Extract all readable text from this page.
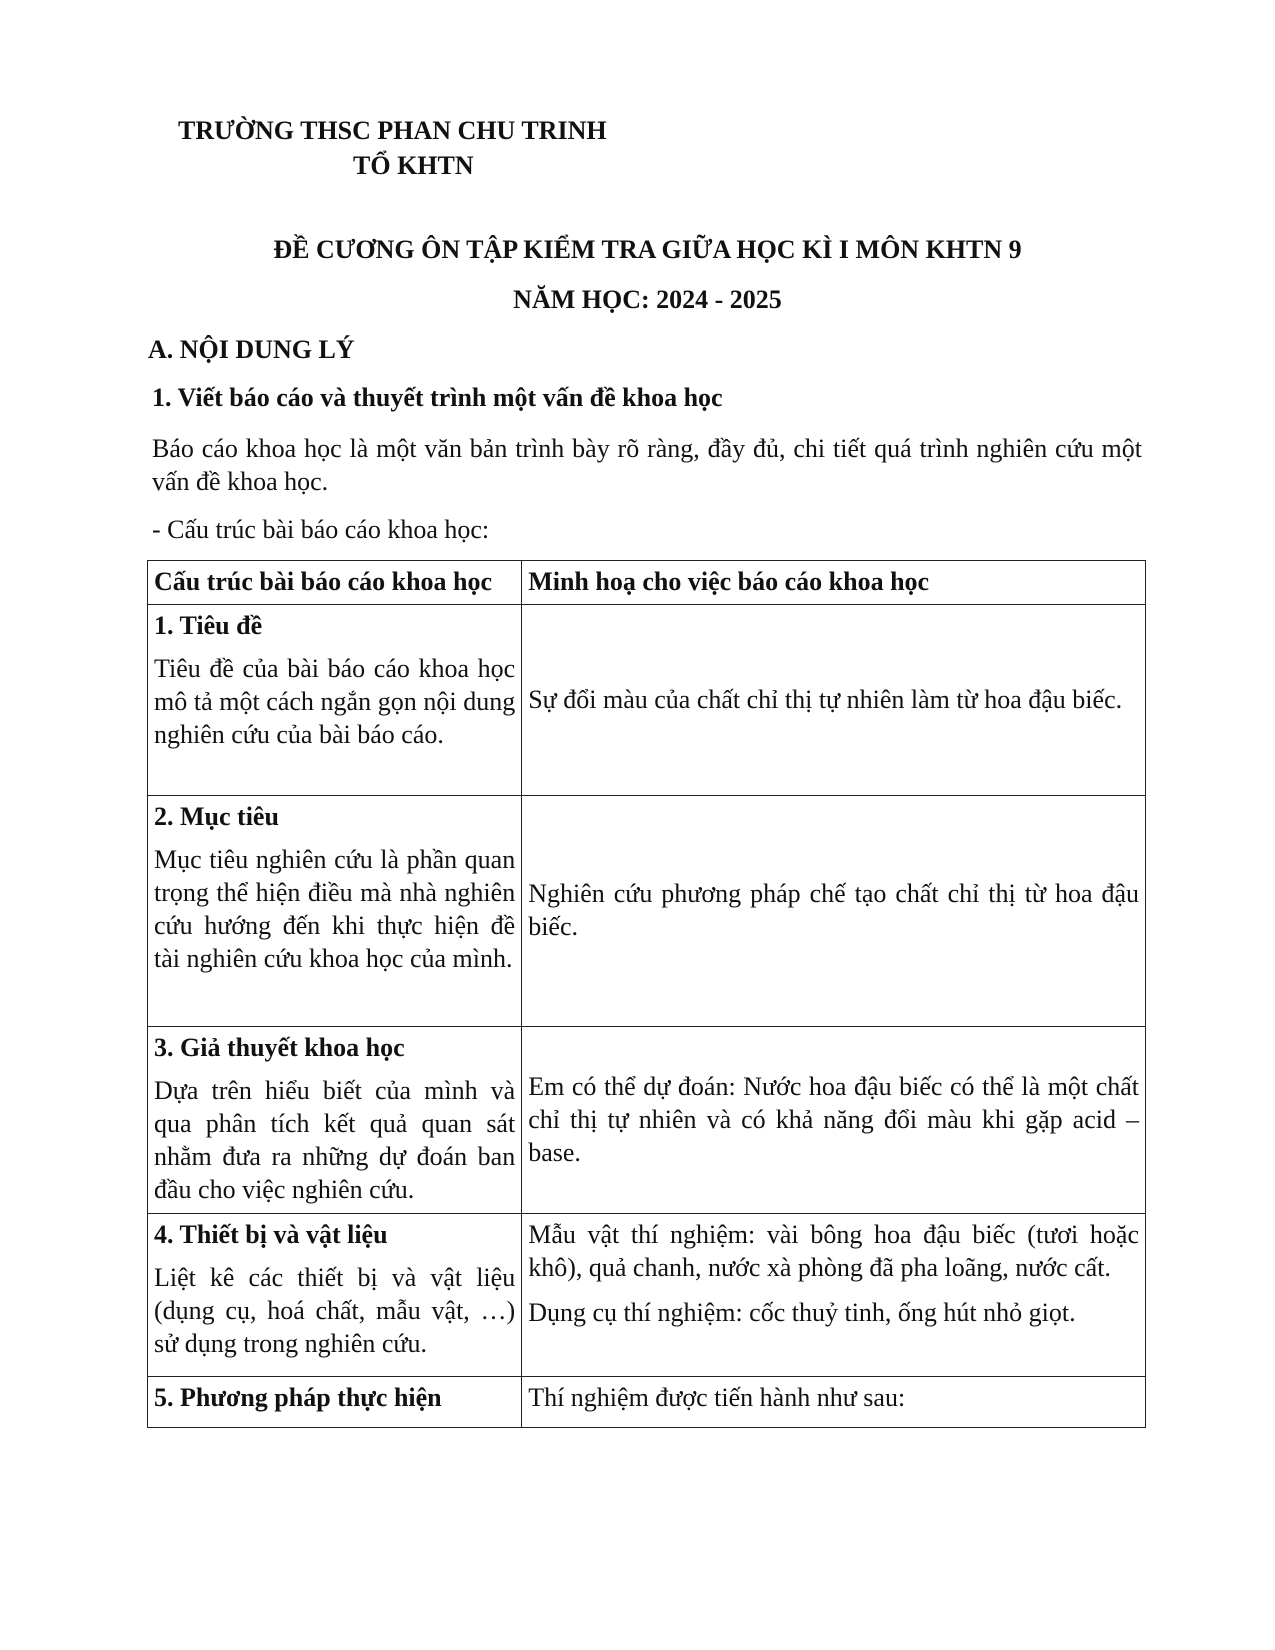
TRƯỜNG THSC PHAN CHU TRINH
TỔ KHTN
ĐỀ CƯƠNG ÔN TẬP KIỂM TRA GIỮA HỌC KÌ I MÔN KHTN 9
NĂM HỌC: 2024 - 2025
A. NỘI DUNG LÝ
1. Viết báo cáo và thuyết trình một vấn đề khoa học
Báo cáo khoa học là một văn bản trình bày rõ ràng, đầy đủ, chi tiết quá trình nghiên cứu một vấn đề khoa học.
- Cấu trúc bài báo cáo khoa học:
Cấu trúc bài báo cáo khoa học	Minh hoạ cho việc báo cáo khoa học

1. Tiêu đề
Tiêu đề của bài báo cáo khoa học mô tả một cách ngắn gọn nội dung nghiên cứu của bài báo cáo.	Sự đổi màu của chất chỉ thị tự nhiên làm từ hoa đậu biếc.

2. Mục tiêu
Mục tiêu nghiên cứu là phần quan trọng thể hiện điều mà nhà nghiên cứu hướng đến khi thực hiện đề tài nghiên cứu khoa học của mình.	Nghiên cứu phương pháp chế tạo chất chỉ thị từ hoa đậu biếc.

3. Giả thuyết khoa học
Dựa trên hiểu biết của mình và qua phân tích kết quả quan sát nhằm đưa ra những dự đoán ban đầu cho việc nghiên cứu.	Em có thể dự đoán: Nước hoa đậu biếc có thể là một chất chỉ thị tự nhiên và có khả năng đổi màu khi gặp acid – base.

4. Thiết bị và vật liệu
Liệt kê các thiết bị và vật liệu (dụng cụ, hoá chất, mẫu vật, …) sử dụng trong nghiên cứu.	Mẫu vật thí nghiệm: vài bông hoa đậu biếc (tươi hoặc khô), quả chanh, nước xà phòng đã pha loãng, nước cất.
Dụng cụ thí nghiệm: cốc thuỷ tinh, ống hút nhỏ giọt.

5. Phương pháp thực hiện	Thí nghiệm được tiến hành như sau:
